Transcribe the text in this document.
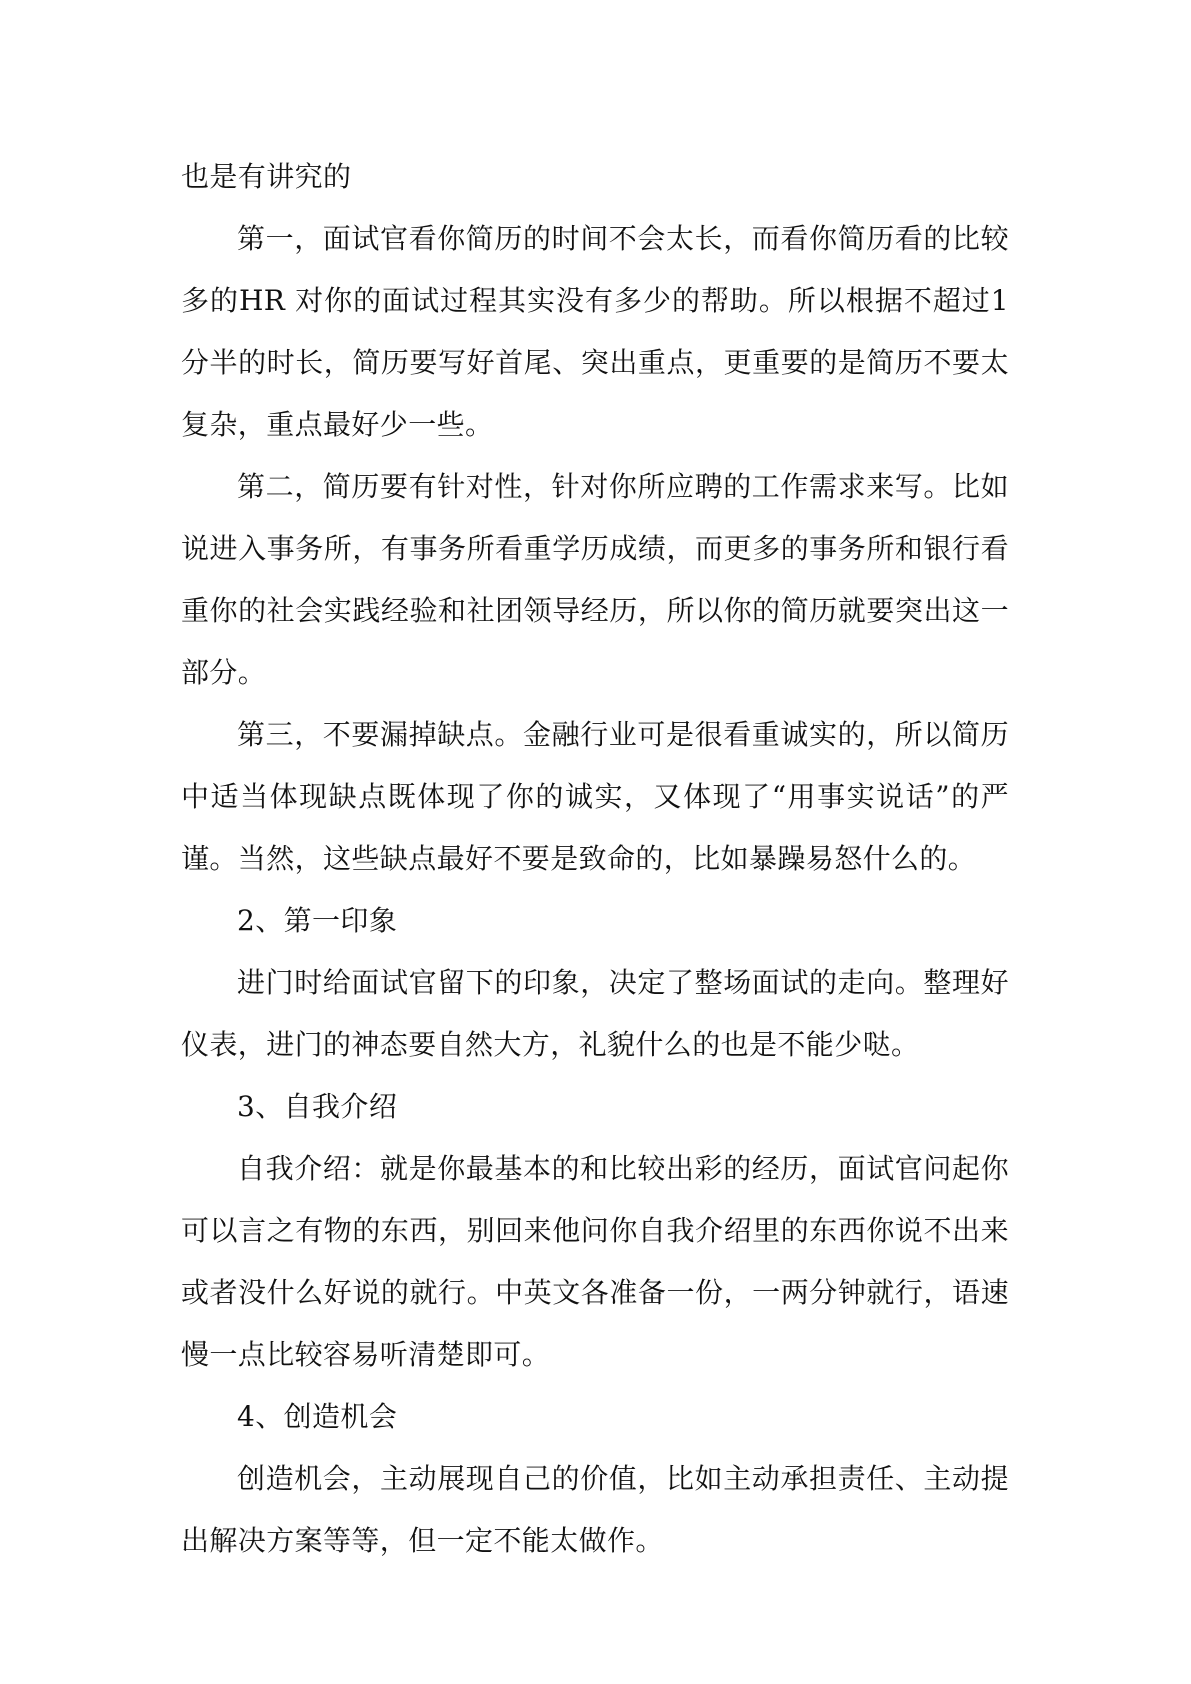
也是有讲究的

第一，面试官看你简历的时间不会太长，而看你简历看的比较多的HR 对你的面试过程其实没有多少的帮助。所以根据不超过1分半的时长，简历要写好首尾、突出重点，更重要的是简历不要太复杂，重点最好少一些。

第二，简历要有针对性，针对你所应聘的工作需求来写。比如说进入事务所，有事务所看重学历成绩，而更多的事务所和银行看重你的社会实践经验和社团领导经历，所以你的简历就要突出这一部分。

第三，不要漏掉缺点。金融行业可是很看重诚实的，所以简历中适当体现缺点既体现了你的诚实，又体现了“用事实说话”的严谨。当然，这些缺点最好不要是致命的，比如暴躁易怒什么的。

2、第一印象

进门时给面试官留下的印象，决定了整场面试的走向。整理好仪表，进门的神态要自然大方，礼貌什么的也是不能少哒。

3、自我介绍

自我介绍：就是你最基本的和比较出彩的经历，面试官问起你可以言之有物的东西，别回来他问你自我介绍里的东西你说不出来或者没什么好说的就行。中英文各准备一份，一两分钟就行，语速慢一点比较容易听清楚即可。

4、创造机会

创造机会，主动展现自己的价值，比如主动承担责任、主动提出解决方案等等，但一定不能太做作。
